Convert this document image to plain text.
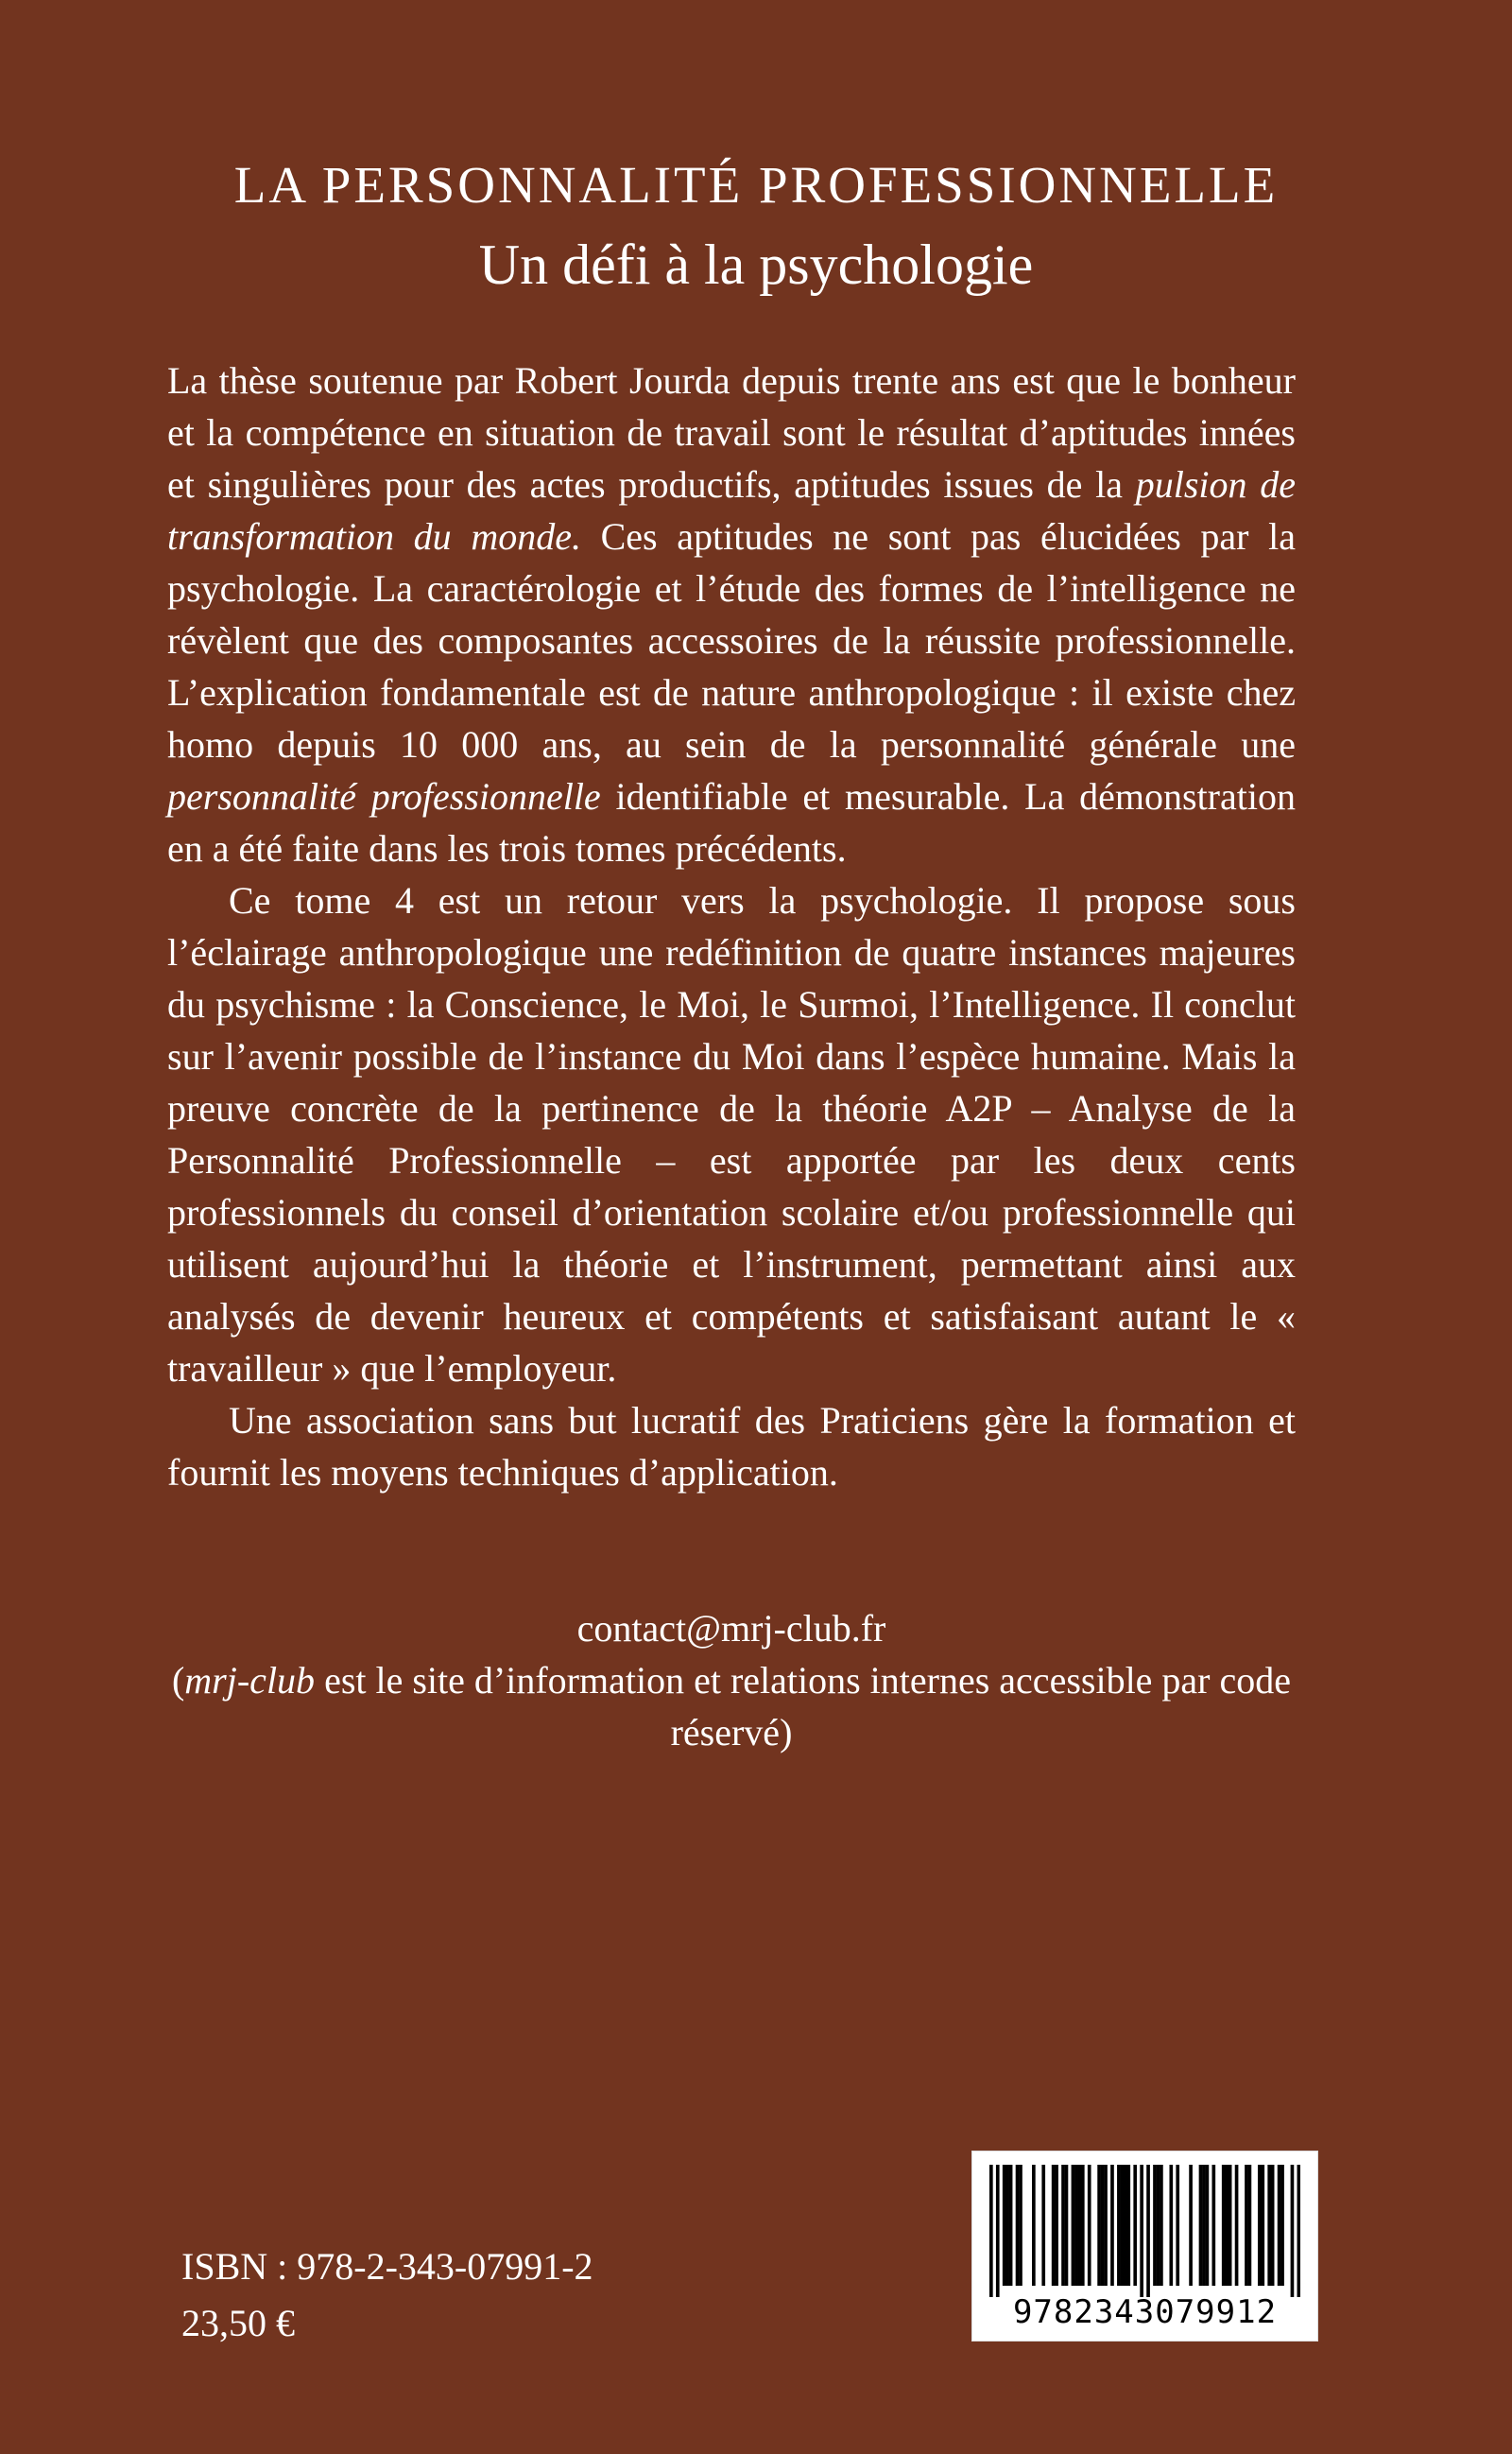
LA PERSONNALITÉ PROFESSIONNELLE
Un défi à la psychologie

La thèse soutenue par Robert Jourda depuis trente ans est que le bonheur et la compétence en situation de travail sont le résultat d’aptitudes innées et singulières pour des actes productifs, aptitudes issues de la pulsion de transformation du monde. Ces aptitudes ne sont pas élucidées par la psychologie. La caractérologie et l’étude des formes de l’intelligence ne révèlent que des composantes accessoires de la réussite professionnelle. L’explication fondamentale est de nature anthropologique : il existe chez homo depuis 10 000 ans, au sein de la personnalité générale une personnalité professionnelle identifiable et mesurable. La démonstration en a été faite dans les trois tomes précédents.

Ce tome 4 est un retour vers la psychologie. Il propose sous l’éclairage anthropologique une redéfinition de quatre instances majeures du psychisme : la Conscience, le Moi, le Surmoi, l’Intelligence. Il conclut sur l’avenir possible de l’instance du Moi dans l’espèce humaine. Mais la preuve concrète de la pertinence de la théorie A2P – Analyse de la Personnalité Professionnelle – est apportée par les deux cents professionnels du conseil d’orientation scolaire et/ou professionnelle qui utilisent aujourd’hui la théorie et l’instrument, permettant ainsi aux analysés de devenir heureux et compétents et satisfaisant autant le « travailleur » que l’employeur.

Une association sans but lucratif des Praticiens gère la formation et fournit les moyens techniques d’application.

contact@mrj-club.fr

(mrj-club est le site d’information et relations internes accessible par code réservé)

ISBN : 978-2-343-07991-2
23,50 €	9782343079912
